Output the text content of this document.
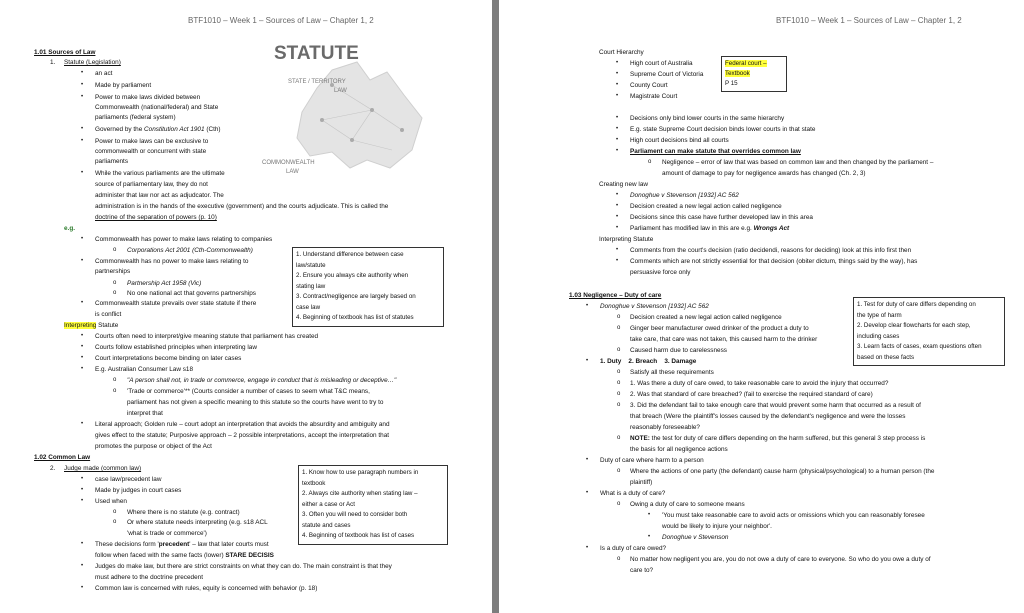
BTF1010 – Week 1 – Sources of Law – Chapter 1, 2
STATUTE
STATE / TERRITORY
LAW
COMMONWEALTH
LAW
1.01 Sources of Law
1. Statute (Legislation)
• an act
• Made by parliament
• Power to make laws divided between
Commonwealth (national/federal) and State
parliaments (federal system)
• Governed by the Constitution Act 1901 (Cth)
• Power to make laws can be exclusive to
commonwealth or concurrent with state
parliaments
• While the various parliaments are the ultimate
source of parliamentary law, they do not
administer that law nor act as adjudcator. The
administration is in the hands of the executive (government) and the courts adjudicate. This is called the
doctrine of the separation of powers (p. 10)
e.g.
• Commonwealth has power to make laws relating to companies
o Corporations Act 2001 (Cth-Commonwealth)
• Commonwealth has no power to make laws relating to
partnerships
o Partnership Act 1958 (Vic)
o No one national act that governs partnerships
• Commonwealth statute prevails over state statute if there
is conflict
Interpreting Statute
• Courts often need to interpret/give meaning statute that parliament has created
• Courts follow established principles when interpreting law
• Court interpretations become binding on later cases
• E.g. Australian Consumer Law s18
o "A person shall not, in trade or commerce, engage in conduct that is misleading or deceptive…"
o 'Trade or commerce'** (Courts consider a number of cases to seem what T&C means,
parliament has not given a specific meaning to this statute so the courts have went to try to
interpret that
• Literal approach; Golden rule – court adopt an interpretation that avoids the absurdity and ambiguity and
gives effect to the statute; Purposive approach – 2 possible interpretations, accept the interpretation that
promotes the purpose or object of the Act
1.02 Common Law
2. Judge made (common law)
• case law/precedent law
• Made by judges in court cases
• Used when
o Where there is no statute (e.g. contract)
o Or where statute needs interpreting (e.g. s18 ACL
'what is trade or commerce')
• These decisions form 'precedent' – law that later courts must
follow when faced with the same facts (lower) STARE DECISIS
• Judges do make law, but there are strict constraints on what they can do. The main constraint is that they
must adhere to the doctrine precedent
• Common law is concerned with rules, equity is concerned with behavior (p. 18)
1. Understand difference between case
law/statute
2. Ensure you always cite authority when
stating law
3. Contract/negligence are largely based on
case law
4. Beginning of textbook has list of statutes
1. Know how to use paragraph numbers in
textbook
2. Always cite authority when stating law –
either a case or Act
3. Often you will need to consider both
statute and cases
4. Beginning of textbook has list of cases
BTF1010 – Week 1 – Sources of Law – Chapter 1, 2
Court Hierarchy
• High court of Australia
• Supreme Court of Victoria
• County Court
• Magistrate Court
Federal court –
Textbook
P 15
• Decisions only bind lower courts in the same hierarchy
• E.g. state Supreme Court decision binds lower courts in that state
• High court decisions bind all courts
• Parliament can make statute that overrides common law
o Negligence – error of law that was based on common law and then changed by the parliament –
amount of damage to pay for negligence awards has changed (Ch. 2, 3)
Creating new law
• Donoghue v Stevenson [1932] AC 562
• Decision created a new legal action called negligence
• Decisions since this case have further developed law in this area
• Parliament has modified law in this are e.g. Wrongs Act
Interpreting Statute
• Comments from the court's decision (ratio decidendi, reasons for deciding) look at this info first then
• Comments which are not strictly essential for that decision (obiter dictum, things said by the way), has
persuasive force only
1.03 Negligence – Duty of care
• Donoghue v Stevenson [1932] AC 562
o Decision created a new legal action called negligence
o Ginger beer manufacturer owed drinker of the product a duty to
take care, that care was not taken, this caused harm to the drinker
o Caused harm due to carelessness
• 1. Duty 2. Breach 3. Damage
o Satisfy all these requirements
o 1. Was there a duty of care owed, to take reasonable care to avoid the injury that occurred?
o 2. Was that standard of care breached? (fail to exercise the required standard of care)
o 3. Did the defendant fail to take enough care that would prevent some harm that occurred as a result of
that breach (Were the plaintiff's losses caused by the defendant's negligence and were the losses
reasonably foreseeable?
o NOTE: the test for duty of care differs depending on the harm suffered, but this general 3 step process is
the basis for all negligence actions
• Duty of care where harm to a person
o Where the actions of one party (the defendant) cause harm (physical/psychological) to a human person (the
plaintiff)
• What is a duty of care?
o Owing a duty of care to someone means
• 'You must take reasonable care to avoid acts or omissions which you can reasonably foresee
would be likely to injure your neighbor'.
• Donoghue v Stevenson
• Is a duty of care owed?
o No matter how negligent you are, you do not owe a duty of care to everyone. So who do you owe a duty of
care to?
1. Test for duty of care differs depending on
the type of harm
2. Develop clear flowcharts for each step,
including cases
3. Learn facts of cases, exam questions often
based on these facts
